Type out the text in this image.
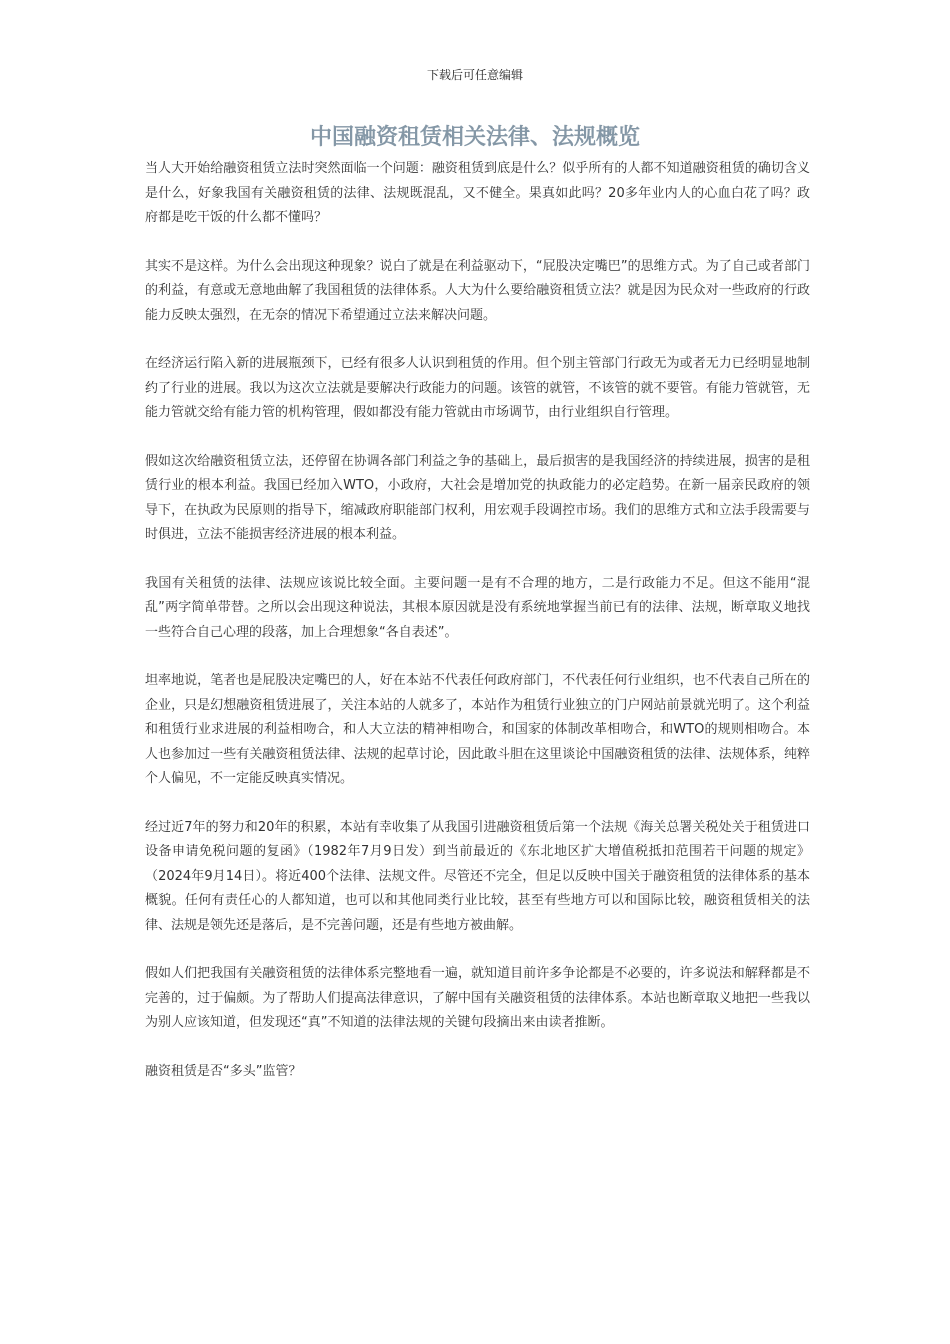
下载后可任意编辑
中国融资租赁相关法律、法规概览

当人大开始给融资租赁立法时突然面临一个问题：融资租赁到底是什么？似乎所有的人都不知道融资租赁的确切含义是什么，好象我国有关融资租赁的法律、法规既混乱，又不健全。果真如此吗？20多年业内人的心血白花了吗？政府都是吃干饭的什么都不懂吗？

其实不是这样。为什么会出现这种现象？说白了就是在利益驱动下，“屁股决定嘴巴”的思维方式。为了自己或者部门的利益，有意或无意地曲解了我国租赁的法律体系。人大为什么要给融资租赁立法？就是因为民众对一些政府的行政能力反映太强烈，在无奈的情况下希望通过立法来解决问题。

在经济运行陷入新的进展瓶颈下，已经有很多人认识到租赁的作用。但个别主管部门行政无为或者无力已经明显地制约了行业的进展。我以为这次立法就是要解决行政能力的问题。该管的就管，不该管的就不要管。有能力管就管，无能力管就交给有能力管的机构管理，假如都没有能力管就由市场调节，由行业组织自行管理。

假如这次给融资租赁立法，还停留在协调各部门利益之争的基础上，最后损害的是我国经济的持续进展，损害的是租赁行业的根本利益。我国已经加入WTO，小政府，大社会是增加党的执政能力的必定趋势。在新一届亲民政府的领导下，在执政为民原则的指导下，缩减政府职能部门权利，用宏观手段调控市场。我们的思维方式和立法手段需要与时俱进，立法不能损害经济进展的根本利益。

我国有关租赁的法律、法规应该说比较全面。主要问题一是有不合理的地方，二是行政能力不足。但这不能用“混乱”两字简单带替。之所以会出现这种说法，其根本原因就是没有系统地掌握当前已有的法律、法规，断章取义地找一些符合自己心理的段落，加上合理想象“各自表述”。

坦率地说，笔者也是屁股决定嘴巴的人，好在本站不代表任何政府部门，不代表任何行业组织，也不代表自己所在的企业，只是幻想融资租赁进展了，关注本站的人就多了，本站作为租赁行业独立的门户网站前景就光明了。这个利益和租赁行业求进展的利益相吻合，和人大立法的精神相吻合，和国家的体制改革相吻合，和WTO的规则相吻合。本人也参加过一些有关融资租赁法律、法规的起草讨论，因此敢斗胆在这里谈论中国融资租赁的法律、法规体系，纯粹个人偏见，不一定能反映真实情况。

经过近7年的努力和20年的积累，本站有幸收集了从我国引进融资租赁后第一个法规《海关总署关税处关于租赁进口设备申请免税问题的复函》（1982年7月9日发）到当前最近的《东北地区扩大增值税抵扣范围若干问题的规定》（2024年9月14日）。将近400个法律、法规文件。尽管还不完全，但足以反映中国关于融资租赁的法律体系的基本概貌。任何有责任心的人都知道，也可以和其他同类行业比较，甚至有些地方可以和国际比较，融资租赁相关的法律、法规是领先还是落后，是不完善问题，还是有些地方被曲解。

假如人们把我国有关融资租赁的法律体系完整地看一遍，就知道目前许多争论都是不必要的，许多说法和解释都是不完善的，过于偏颇。为了帮助人们提高法律意识，了解中国有关融资租赁的法律体系。本站也断章取义地把一些我以为别人应该知道，但发现还“真”不知道的法律法规的关键句段摘出来由读者推断。

融资租赁是否“多头”监管？
